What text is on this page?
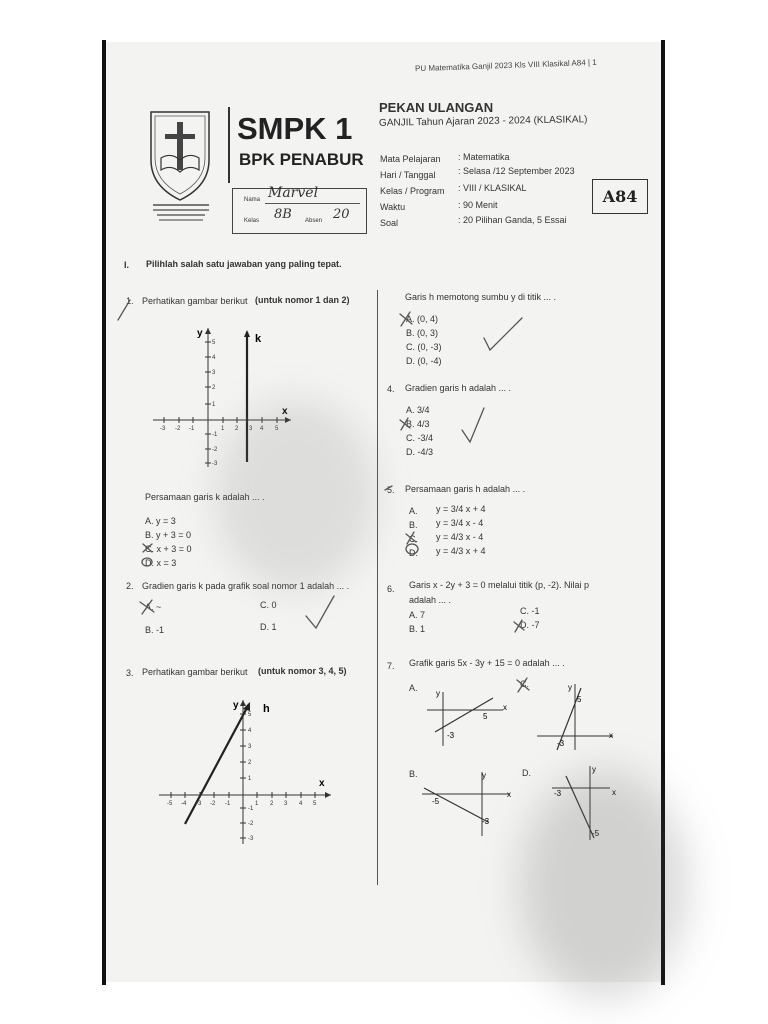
PU Matematika Ganjil 2023 Kls VIII Klasikal A84 | 1
SMPK 1
BPK PENABUR
Nama Marvel
Kelas 8B Absen 20
PEKAN ULANGAN
GANJIL Tahun Ajaran 2023 - 2024 (KLASIKAL)
Mata Pelajaran : Matematika
Hari / Tanggal	: Selasa /12 September 2023
Kelas / Program : VIII / KLASIKAL
Waktu	: 90 Menit
Soal	: 20 Pilihan Ganda, 5 Essai
A84
I. Pilihlah salah satu jawaban yang paling tepat.
1. Perhatikan gambar berikut (untuk nomor 1 dan 2)
x
y	k
-3 -2 -1	1 2 3 4 5
5
4
3
2
1
-1
-2
-3
Persamaan garis k adalah ... .
A. y = 3
B. y + 3 = 0
C. x + 3 = 0
D. x = 3
2. Gradien garis k pada grafik soal nomor 1 adalah ... .
A. ~	C. 0
B. -1	D. 1
3. Perhatikan gambar berikut (untuk nomor 3, 4, 5)
x
y h
-5 -4 -3 -2 -1	1 2 3 4 5
5
4
3
2
1
-1
-2
-3
Garis h memotong sumbu y di titik ... .
A. (0, 4)
B. (0, 3)
C. (0, -3)
D. (0, -4)
4. Gradien garis h adalah ... .
A. 3/4
B. 4/3
C. -3/4
D. -4/3
5. Persamaan garis h adalah ... .
A. y = 3/4 x + 4
B. y = 3/4 x - 4
C. y = 4/3 x - 4
D. y = 4/3 x + 4
6. Garis x - 2y + 3 = 0 melalui titik (p, -2). Nilai p
adalah ... .
A. 7	C. -1
B. 1	D. -7
7. Grafik garis 5x - 3y + 15 = 0 adalah ... .
A.
y
x
5
-3
C.	y
x
5
-3
B.	y
x
-5
-3
D.	y
x
-3
-5
